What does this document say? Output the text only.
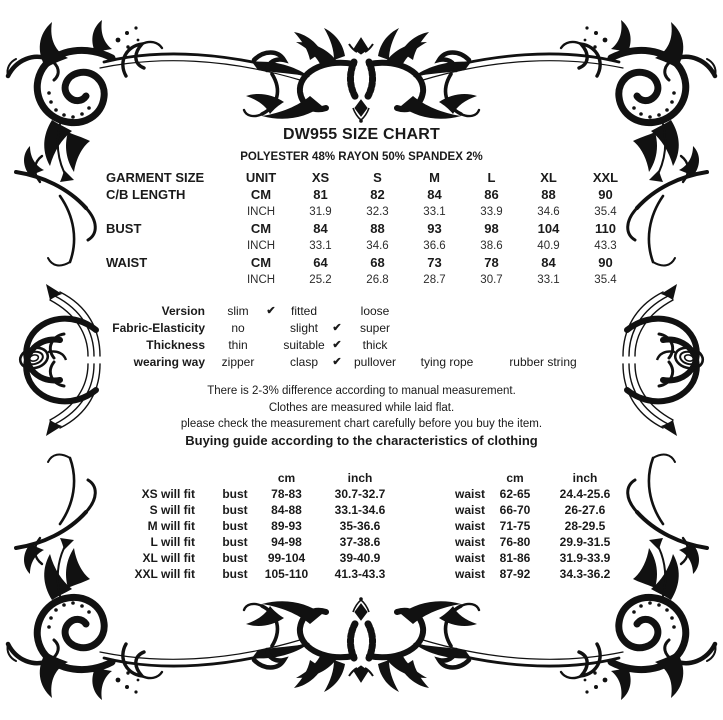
DW955 SIZE CHART
POLYESTER 48% RAYON 50% SPANDEX 2%
GARMENT SIZE	UNIT	XS	S	M	L	XL	XXL
C/B LENGTH	CM	81	82	84	86	88	90
INCH	31.9	32.3	33.1	33.9	34.6	35.4
BUST	CM	84	88	93	98	104	110
INCH	33.1	34.6	36.6	38.6	40.9	43.3
WAIST	CM	64	68	73	78	84	90
INCH	25.2	26.8	28.7	30.7	33.1	35.4
Version	slim	✔	fitted	loose
Fabric-Elasticity	no	slight	✔	super
Thickness	thin	suitable ✔	thick
wearing way	zipper	clasp	✔	pullover	tying rope	rubber string
There is 2-3% difference according to manual measurement.
Clothes are measured while laid flat.
please check the measurement chart carefully before you buy the item.
Buying guide according to the characteristics of clothing
cm	inch	cm	inch
XS will fit	bust	78-83	30.7-32.7	waist	62-65	24.4-25.6
S will fit	bust	84-88	33.1-34.6	waist	66-70	26-27.6
M will fit	bust	89-93	35-36.6	waist	71-75	28-29.5
L will fit	bust	94-98	37-38.6	waist	76-80	29.9-31.5
XL will fit	bust	99-104	39-40.9	waist	81-86	31.9-33.9
XXL will fit	bust	105-110	41.3-43.3	waist	87-92	34.3-36.2
